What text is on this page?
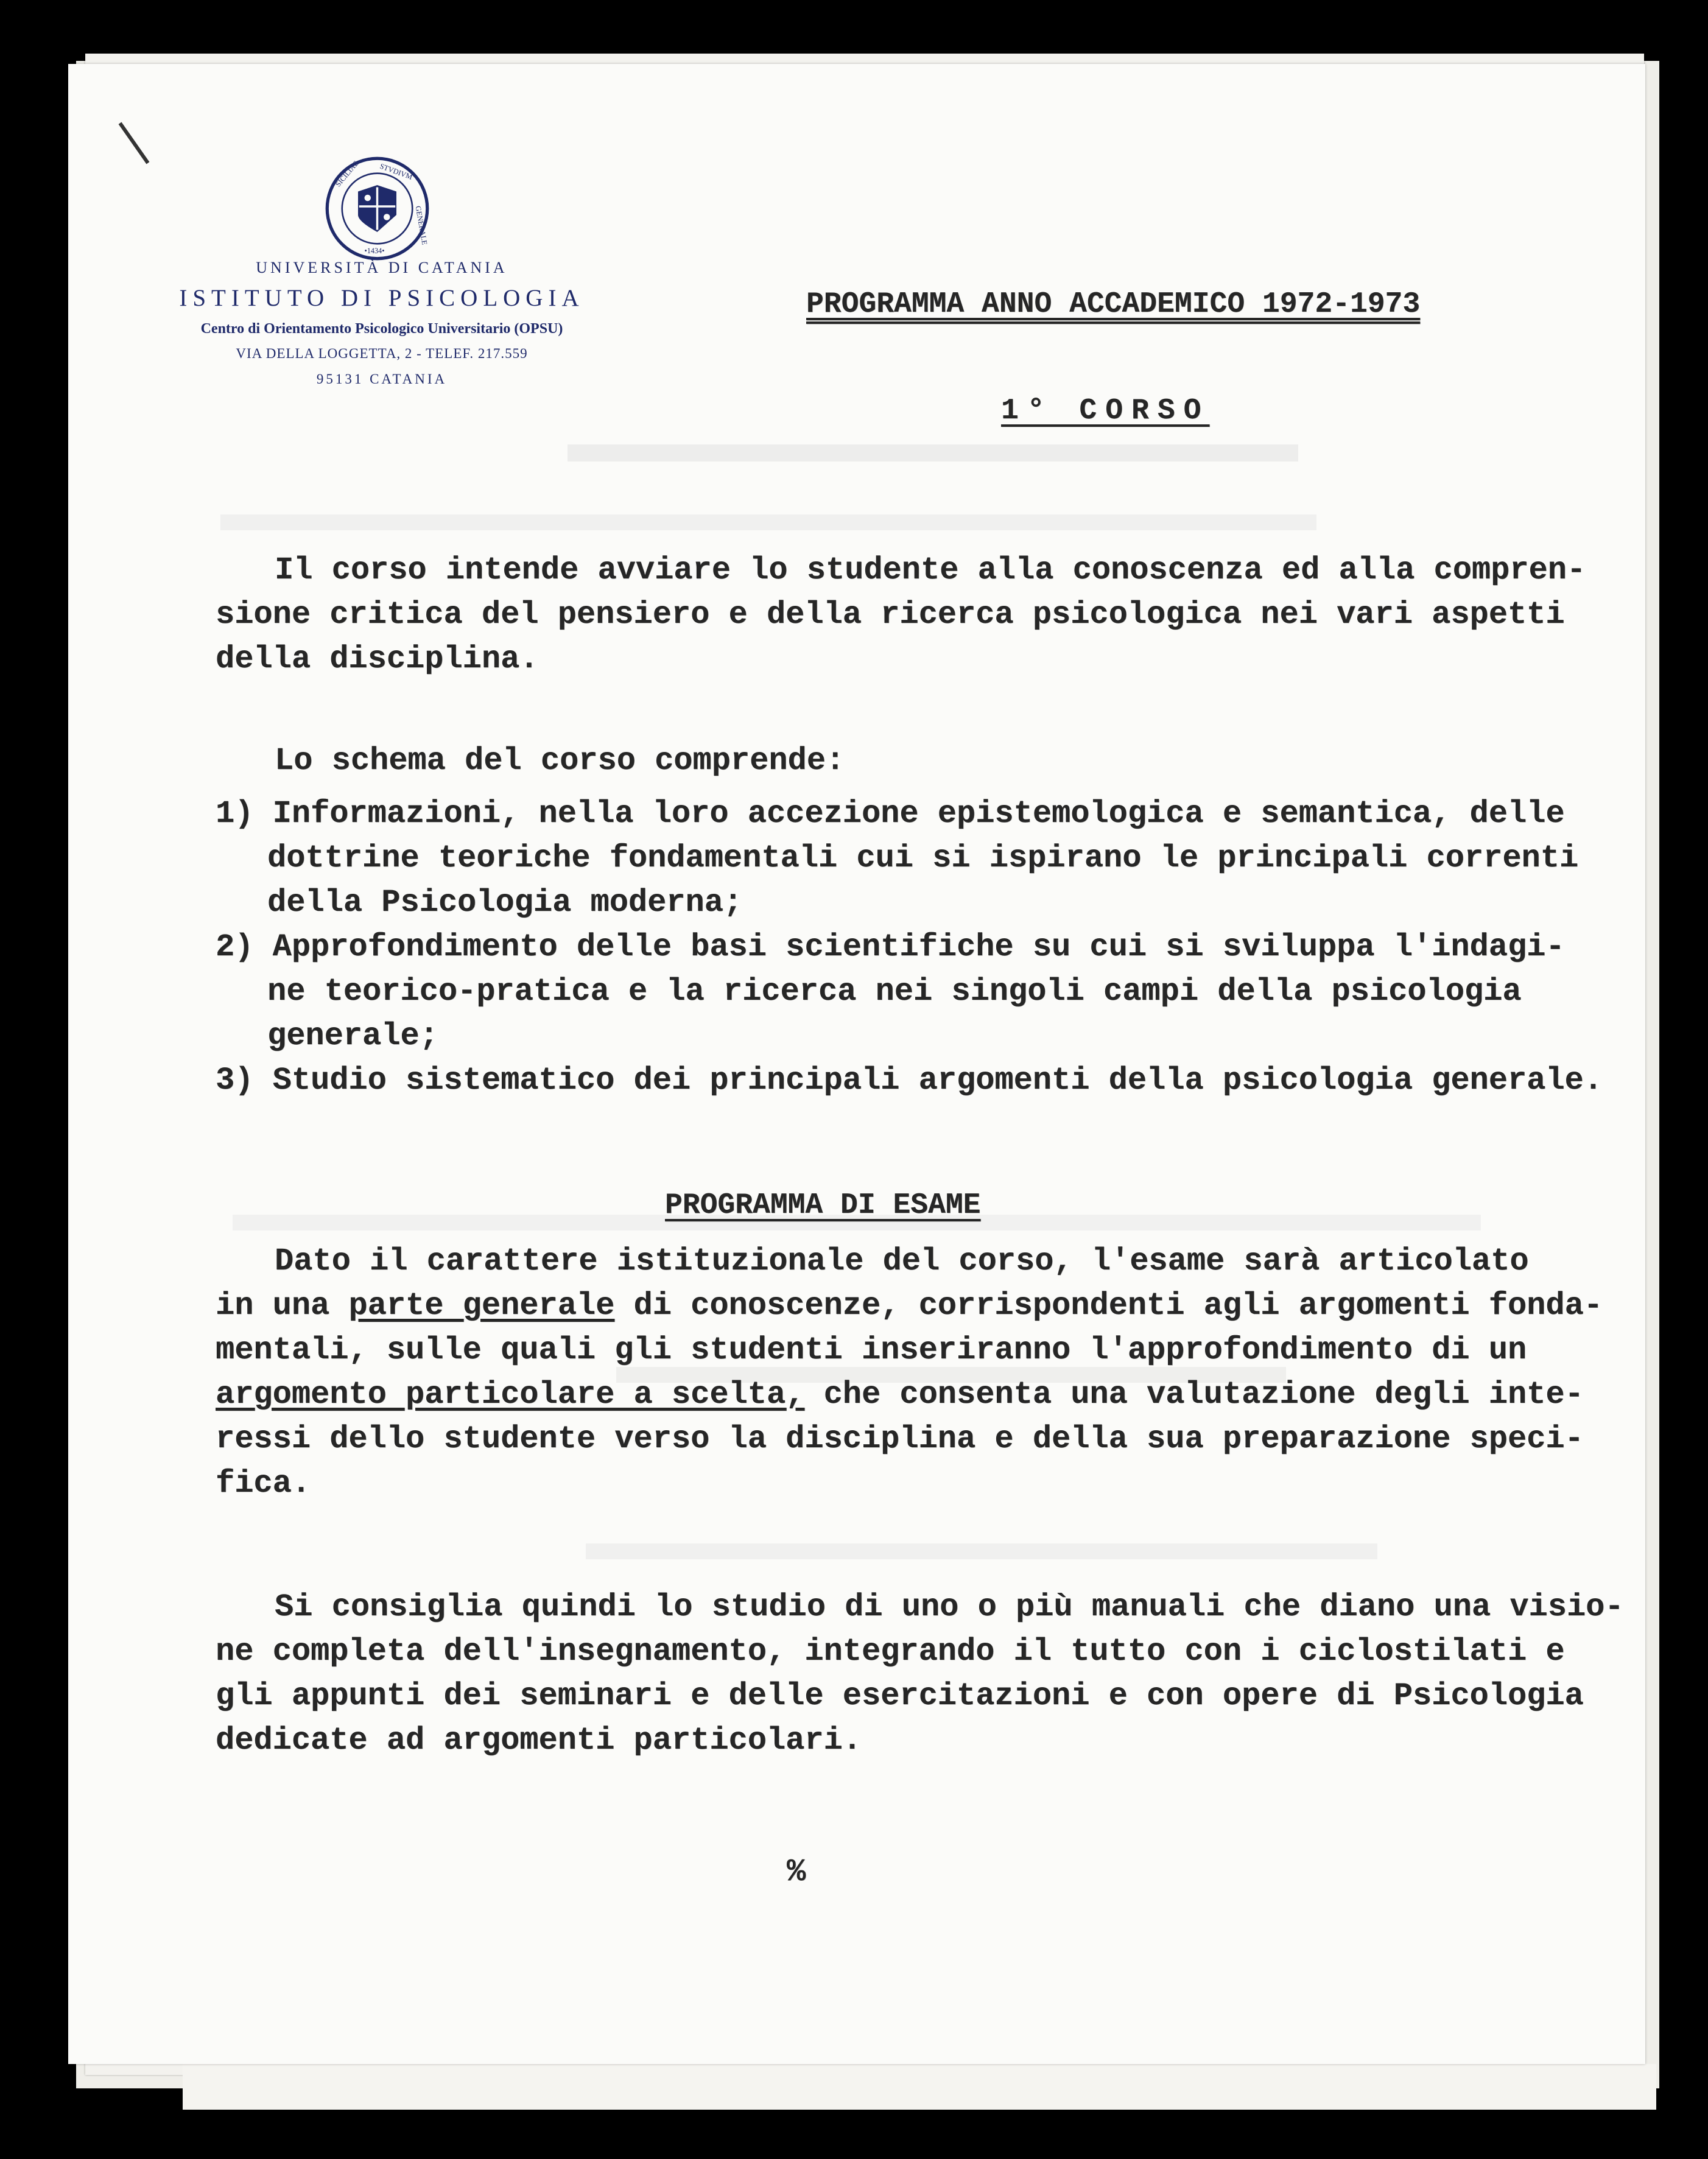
SICILIAE	STVDIVM
GENERALE
•1434•
UNIVERSITÀ DI CATANIA
ISTITUTO DI PSICOLOGIA
Centro di Orientamento Psicologico Universitario (OPSU)
VIA DELLA LOGGETTA, 2 - TELEF. 217.559
95131 CATANIA
PROGRAMMA ANNO ACCADEMICO 1972-1973
1° CORSO
Il corso intende avviare lo studente alla conoscenza ed alla compren-
sione critica del pensiero e della ricerca psicologica nei vari aspetti
della disciplina.
Lo schema del corso comprende:
1) Informazioni, nella loro accezione epistemologica e semantica, delle
dottrine teoriche fondamentali cui si ispirano le principali correnti
della Psicologia moderna;
2) Approfondimento delle basi scientifiche su cui si sviluppa l'indagi-
ne teorico-pratica e la ricerca nei singoli campi della psicologia
generale;
3) Studio sistematico dei principali argomenti della psicologia generale.
PROGRAMMA DI ESAME
Dato il carattere istituzionale del corso, l'esame sarà articolato
in una parte generale di conoscenze, corrispondenti agli argomenti fonda-
mentali, sulle quali gli studenti inseriranno l'approfondimento di un
argomento particolare a scelta, che consenta una valutazione degli inte-
ressi dello studente verso la disciplina e della sua preparazione speci-
fica.
Si consiglia quindi lo studio di uno o più manuali che diano una visio-
ne completa dell'insegnamento, integrando il tutto con i ciclostilati e
gli appunti dei seminari e delle esercitazioni e con opere di Psicologia
dedicate ad argomenti particolari.
%
